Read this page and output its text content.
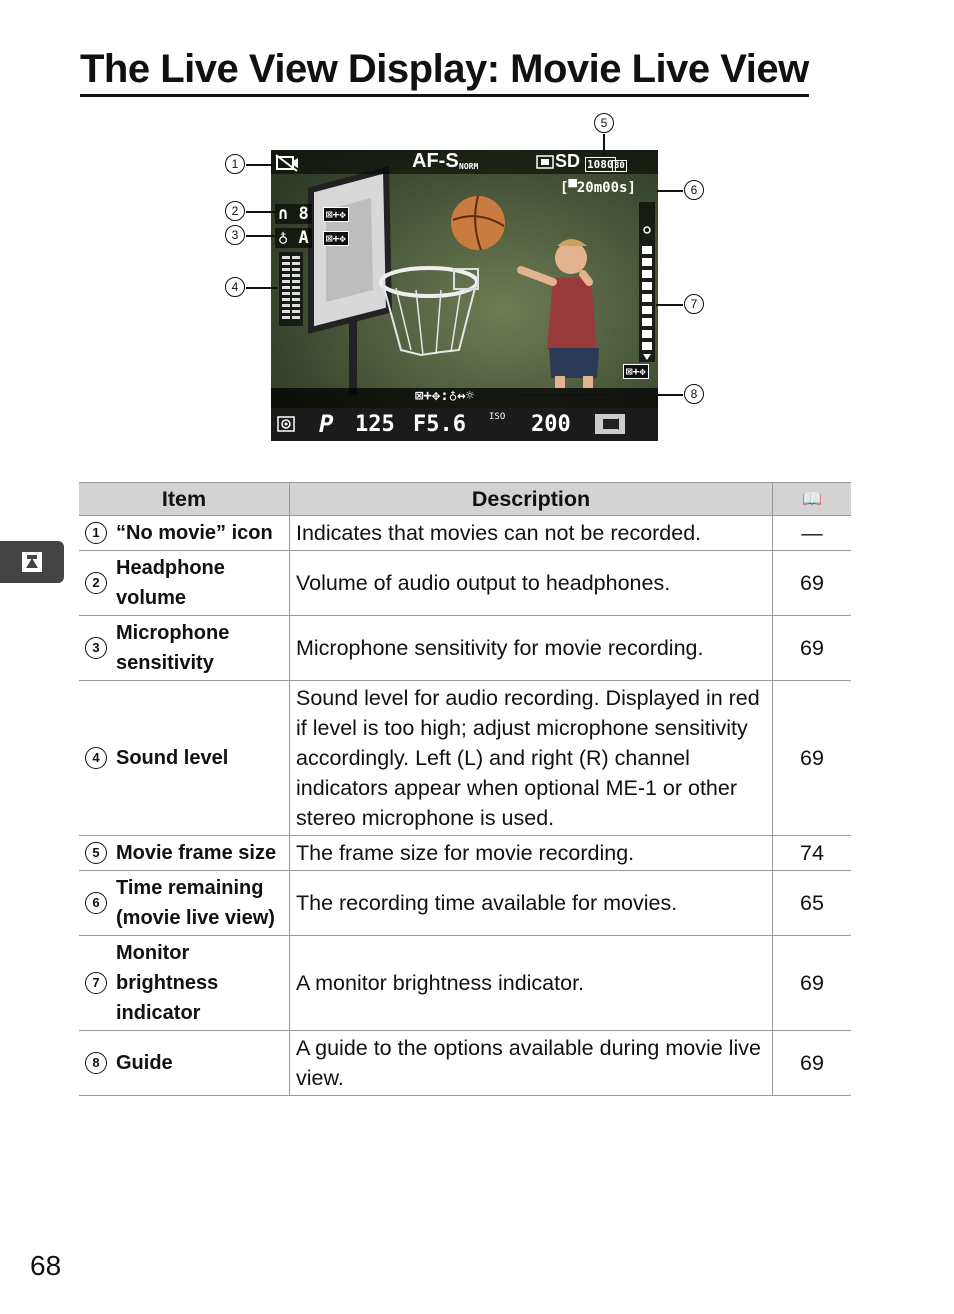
The Live View Display: Movie Live View
AF-S NORM	SD 1080 30
[▀20m00s]
∩ 8
♁ A
⊠+✥
⊠+✥
⊠+✥
⊠+✥:♁↔☼
P 125 F5.6	ISO 200
1
2
3
4
5
6
7
8
Item	Description	📖

1 “No movie” icon	Indicates that movies can not be recorded.	—

2
Headphone volume	Volume of audio output to headphones.	69

3
Microphone sensitivity	Microphone sensitivity for movie recording.	69

4 Sound level	Sound level for audio recording. Displayed in red if level is too high; adjust microphone sensitivity accordingly. Left (L) and right (R) channel indicators appear when optional ME-1 or other stereo microphone is used.	69

5 Movie frame size	The frame size for movie recording.	74

6
Time remaining (movie live view)	The recording time available for movies.	65

7
Monitor brightness indicator	A monitor brightness indicator.	69

8 Guide	A guide to the options available during movie live view.	69
68
